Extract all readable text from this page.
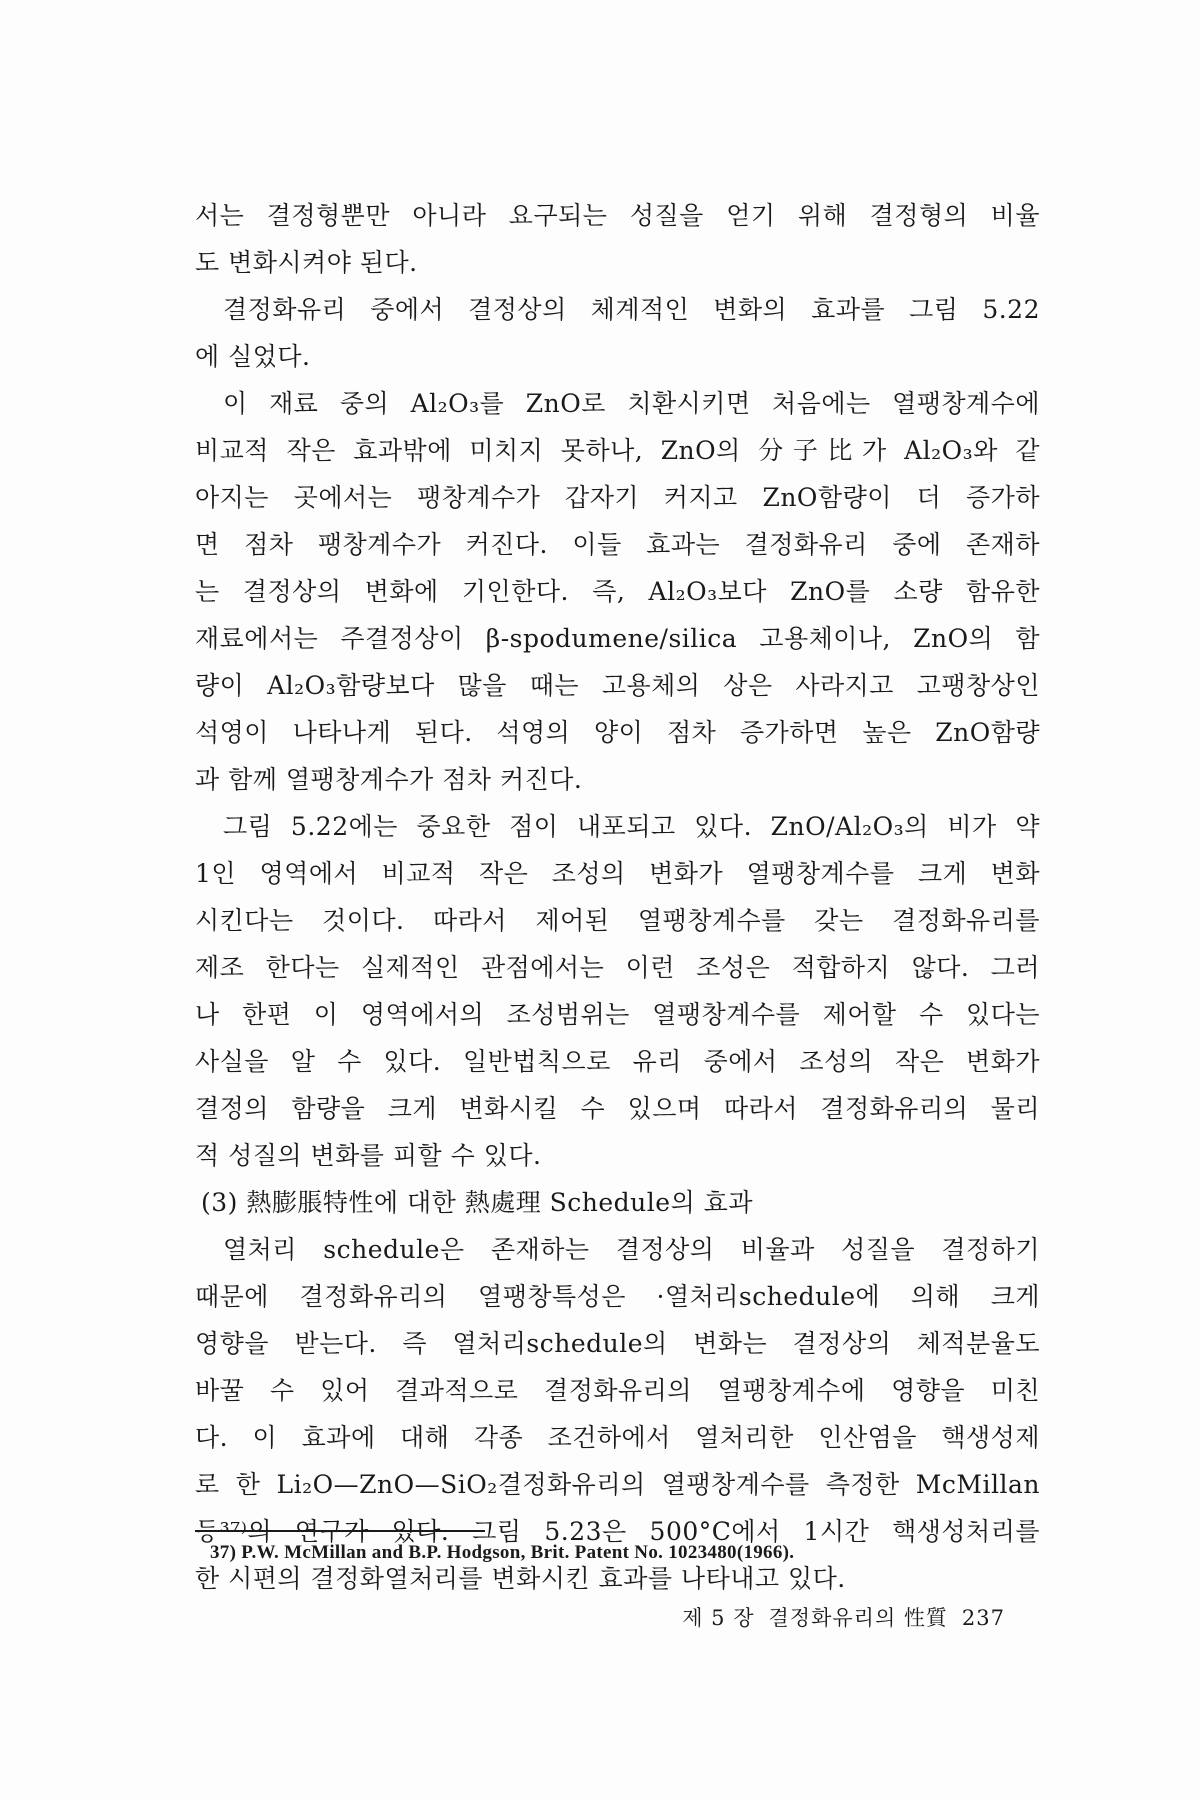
서는 결정형뿐만 아니라 요구되는 성질을 얻기 위해 결정형의 비율
도 변화시켜야 된다.
결정화유리 중에서 결정상의 체계적인 변화의 효과를 그림 5.22
에 실었다.
이 재료 중의 Al₂O₃를 ZnO로 치환시키면 처음에는 열팽창계수에
비교적 작은 효과밖에 미치지 못하나, ZnO의 分子比가 Al₂O₃와 같
아지는 곳에서는 팽창계수가 갑자기 커지고 ZnO함량이 더 증가하
면 점차 팽창계수가 커진다. 이들 효과는 결정화유리 중에 존재하
는 결정상의 변화에 기인한다. 즉, Al₂O₃보다 ZnO를 소량 함유한
재료에서는 주결정상이 β-spodumene/silica 고용체이나, ZnO의 함
량이 Al₂O₃함량보다 많을 때는 고용체의 상은 사라지고 고팽창상인
석영이 나타나게 된다. 석영의 양이 점차 증가하면 높은 ZnO함량
과 함께 열팽창계수가 점차 커진다.
그림 5.22에는 중요한 점이 내포되고 있다. ZnO/Al₂O₃의 비가 약
1인 영역에서 비교적 작은 조성의 변화가 열팽창계수를 크게 변화
시킨다는 것이다. 따라서 제어된 열팽창계수를 갖는 결정화유리를
제조 한다는 실제적인 관점에서는 이런 조성은 적합하지 않다. 그러
나 한편 이 영역에서의 조성범위는 열팽창계수를 제어할 수 있다는
사실을 알 수 있다. 일반법칙으로 유리 중에서 조성의 작은 변화가
결정의 함량을 크게 변화시킬 수 있으며 따라서 결정화유리의 물리
적 성질의 변화를 피할 수 있다.
(3) 熱膨脹特性에 대한 熱處理 Schedule의 효과
열처리 schedule은 존재하는 결정상의 비율과 성질을 결정하기
때문에 결정화유리의 열팽창특성은 ·열처리schedule에 의해 크게
영향을 받는다. 즉 열처리schedule의 변화는 결정상의 체적분율도
바꿀 수 있어 결과적으로 결정화유리의 열팽창계수에 영향을 미친
다. 이 효과에 대해 각종 조건하에서 열처리한 인산염을 핵생성제
로 한 Li₂O—ZnO—SiO₂결정화유리의 열팽창계수를 측정한 McMillan
등³⁷⁾의 연구가 있다. 그림 5.23은 500°C에서 1시간 핵생성처리를
한 시편의 결정화열처리를 변화시킨 효과를 나타내고 있다.
37) P.W. McMillan and B.P. Hodgson, Brit. Patent No. 1023480(1966).
제 5 장 결정화유리의 性質 237
